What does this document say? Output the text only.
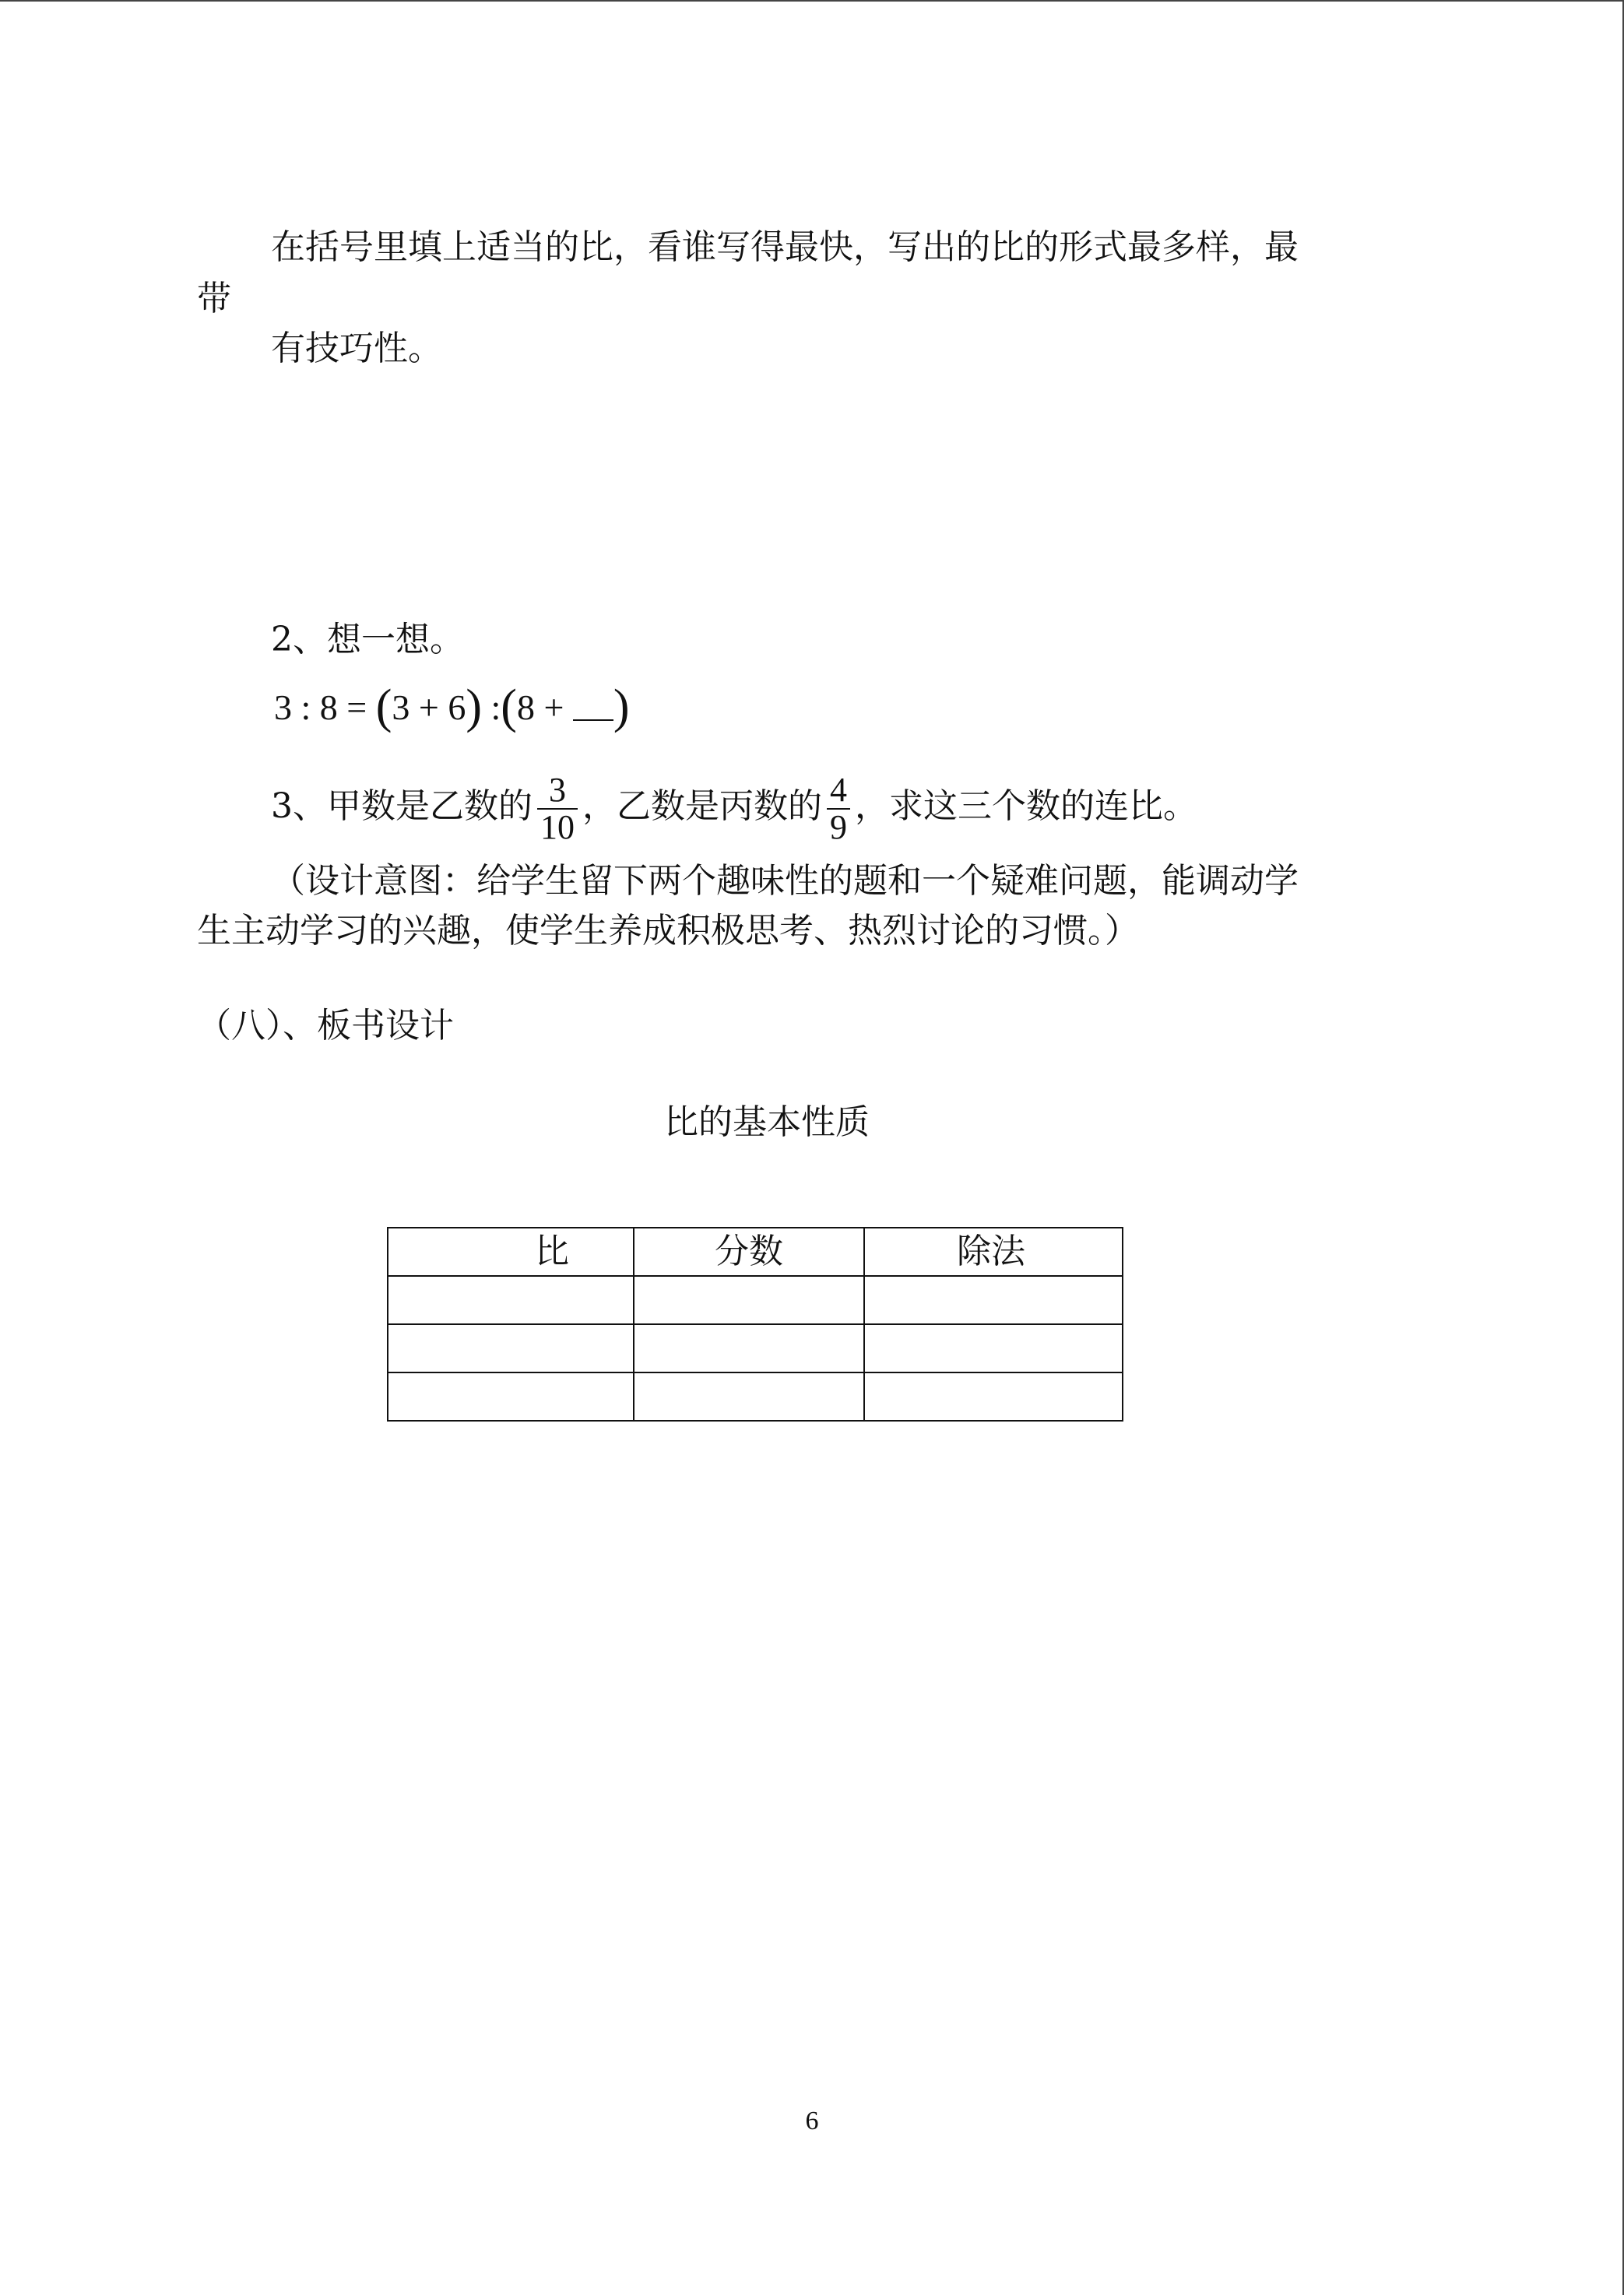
在括号里填上适当的比，看谁写得最快，写出的比的形式最多样，最
带
有技巧性。
2、想一想。
3 : 8 = (3 + 6) :(8 + )
3、甲数是乙数的 $\frac{3}{10}$ ，乙数是丙数的 $\frac{4}{9}$ ，求这三个数的连比。
（设计意图：给学生留下两个趣味性的题和一个疑难问题，能调动学
生主动学习的兴趣，使学生养成积极思考、热烈讨论的习惯。）
（八）、板书设计
比的基本性质
比	分数	除法

6
